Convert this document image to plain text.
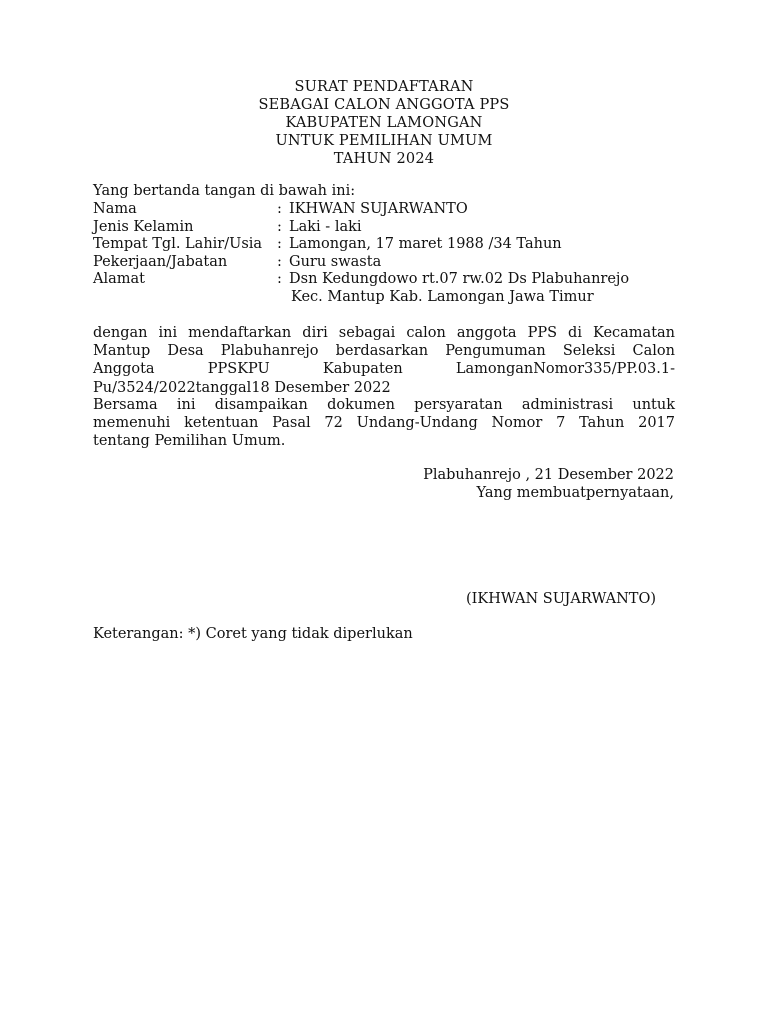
SURAT PENDAFTARAN
SEBAGAI CALON ANGGOTA PPS
KABUPATEN LAMONGAN
UNTUK PEMILIHAN UMUM
TAHUN 2024
Yang bertanda tangan di bawah ini:
Nama	: IKHWAN SUJARWANTO
Jenis Kelamin	: Laki - laki
Tempat Tgl. Lahir/Usia : Lamongan, 17 maret 1988 /34 Tahun
Pekerjaan/Jabatan	: Guru swasta
Alamat	: Dsn Kedungdowo rt.07 rw.02 Ds Plabuhanrejo
Kec. Mantup Kab. Lamongan Jawa Timur
dengan ini mendaftarkan diri sebagai calon anggota PPS di Kecamatan
Mantup Desa Plabuhanrejo berdasarkan Pengumuman Seleksi Calon
Anggota PPSKPU Kabupaten LamonganNomor335/PP.03.1-
Pu/3524/2022tanggal18 Desember 2022
Bersama ini disampaikan dokumen persyaratan administrasi untuk
memenuhi ketentuan Pasal 72 Undang-Undang Nomor 7 Tahun 2017
tentang Pemilihan Umum.
Plabuhanrejo , 21 Desember 2022
Yang membuatpernyataan,
(IKHWAN SUJARWANTO)
Keterangan: *) Coret yang tidak diperlukan
